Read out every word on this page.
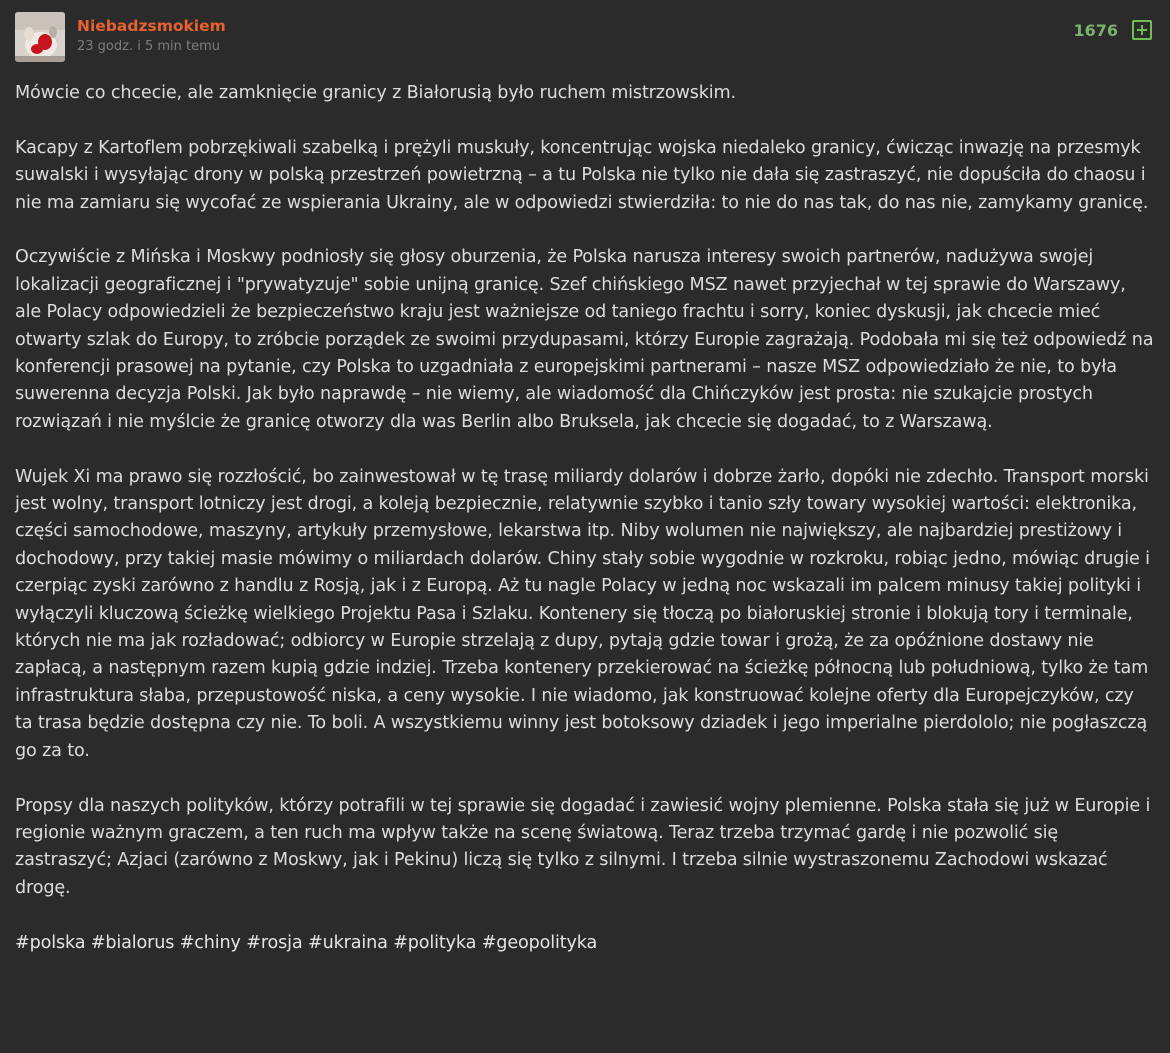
Niebadzsmokiem
23 godz. i 5 min temu
1676

Mówcie co chcecie, ale zamknięcie granicy z Białorusią było ruchem mistrzowskim.

Kacapy z Kartoflem pobrzękiwali szabelką i prężyli muskuły, koncentrując wojska niedaleko granicy, ćwicząc inwazję na przesmyk suwalski i wysyłając drony w polską przestrzeń powietrzną – a tu Polska nie tylko nie dała się zastraszyć, nie dopuściła do chaosu i nie ma zamiaru się wycofać ze wspierania Ukrainy, ale w odpowiedzi stwierdziła: to nie do nas tak, do nas nie, zamykamy granicę.

Oczywiście z Mińska i Moskwy podniosły się głosy oburzenia, że Polska narusza interesy swoich partnerów, nadużywa swojej lokalizacji geograficznej i "prywatyzuje" sobie unijną granicę. Szef chińskiego MSZ nawet przyjechał w tej sprawie do Warszawy, ale Polacy odpowiedzieli że bezpieczeństwo kraju jest ważniejsze od taniego frachtu i sorry, koniec dyskusji, jak chcecie mieć otwarty szlak do Europy, to zróbcie porządek ze swoimi przydupasami, którzy Europie zagrażają. Podobała mi się też odpowiedź na konferencji prasowej na pytanie, czy Polska to uzgadniała z europejskimi partnerami – nasze MSZ odpowiedziało że nie, to była suwerenna decyzja Polski. Jak było naprawdę – nie wiemy, ale wiadomość dla Chińczyków jest prosta: nie szukajcie prostych rozwiązań i nie myślcie że granicę otworzy dla was Berlin albo Bruksela, jak chcecie się dogadać, to z Warszawą.

Wujek Xi ma prawo się rozzłościć, bo zainwestował w tę trasę miliardy dolarów i dobrze żarło, dopóki nie zdechło. Transport morski jest wolny, transport lotniczy jest drogi, a koleją bezpiecznie, relatywnie szybko i tanio szły towary wysokiej wartości: elektronika, części samochodowe, maszyny, artykuły przemysłowe, lekarstwa itp. Niby wolumen nie największy, ale najbardziej prestiżowy i dochodowy, przy takiej masie mówimy o miliardach dolarów. Chiny stały sobie wygodnie w rozkroku, robiąc jedno, mówiąc drugie i czerpiąc zyski zarówno z handlu z Rosją, jak i z Europą. Aż tu nagle Polacy w jedną noc wskazali im palcem minusy takiej polityki i wyłączyli kluczową ścieżkę wielkiego Projektu Pasa i Szlaku. Kontenery się tłoczą po białoruskiej stronie i blokują tory i terminale, których nie ma jak rozładować; odbiorcy w Europie strzelają z dupy, pytają gdzie towar i grożą, że za opóźnione dostawy nie zapłacą, a następnym razem kupią gdzie indziej. Trzeba kontenery przekierować na ścieżkę północną lub południową, tylko że tam infrastruktura słaba, przepustowość niska, a ceny wysokie. I nie wiadomo, jak konstruować kolejne oferty dla Europejczyków, czy ta trasa będzie dostępna czy nie. To boli. A wszystkiemu winny jest botoksowy dziadek i jego imperialne pierdololo; nie pogłaszczą go za to.

Propsy dla naszych polityków, którzy potrafili w tej sprawie się dogadać i zawiesić wojny plemienne. Polska stała się już w Europie i regionie ważnym graczem, a ten ruch ma wpływ także na scenę światową. Teraz trzeba trzymać gardę i nie pozwolić się zastraszyć; Azjaci (zarówno z Moskwy, jak i Pekinu) liczą się tylko z silnymi. I trzeba silnie wystraszonemu Zachodowi wskazać drogę.

#polska #bialorus #chiny #rosja #ukraina #polityka #geopolityka
